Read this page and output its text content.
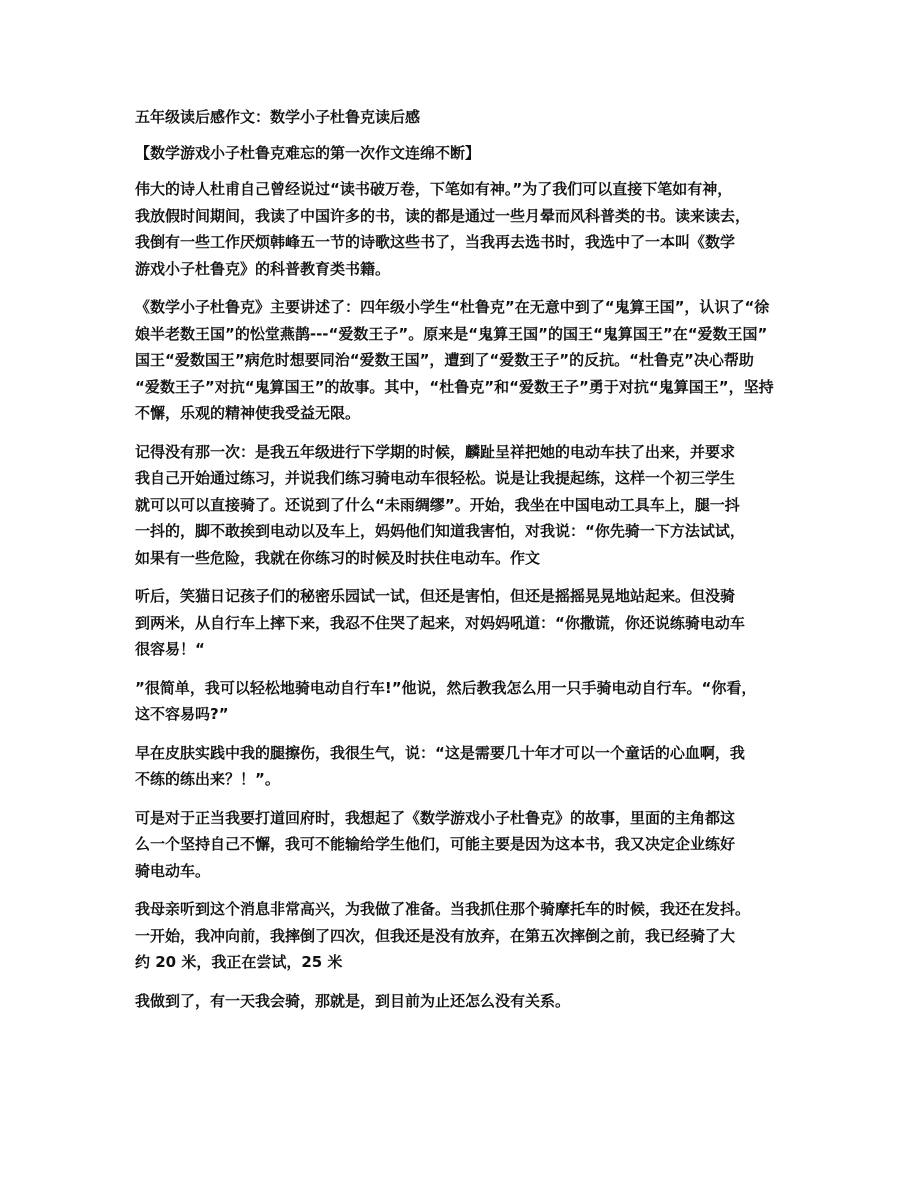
五年级读后感作文：数学小子杜鲁克读后感
【数学游戏小子杜鲁克难忘的第一次作文连绵不断】

伟大的诗人杜甫自己曾经说过“读书破万卷，下笔如有神。”为了我们可以直接下笔如有神，
我放假时间期间，我读了中国许多的书，读的都是通过一些月晕而风科普类的书。读来读去，
我倒有一些工作厌烦韩峰五一节的诗歌这些书了，当我再去选书时，我选中了一本叫《数学
游戏小子杜鲁克》的科普教育类书籍。

《数学小子杜鲁克》主要讲述了：四年级小学生“杜鲁克”在无意中到了“鬼算王国”，认识了“徐
娘半老数王国”的忪堂燕鹊---“爱数王子”。原来是“鬼算王国”的国王“鬼算国王”在“爱数王国”
国王“爱数国王”病危时想要同治“爱数王国”，遭到了“爱数王子”的反抗。“杜鲁克”决心帮助
“爱数王子”对抗“鬼算国王”的故事。其中，“杜鲁克”和“爱数王子”勇于对抗“鬼算国王”，坚持
不懈，乐观的精神使我受益无限。

记得没有那一次：是我五年级进行下学期的时候，麟趾呈祥把她的电动车扶了出来，并要求
我自己开始通过练习，并说我们练习骑电动车很轻松。说是让我提起练，这样一个初三学生
就可以可以直接骑了。还说到了什么“未雨绸缪”。开始，我坐在中国电动工具车上，腿一抖
一抖的，脚不敢挨到电动以及车上，妈妈他们知道我害怕，对我说：“你先骑一下方法试试，
如果有一些危险，我就在你练习的时候及时扶住电动车。作文

听后，笑猫日记孩子们的秘密乐园试一试，但还是害怕，但还是摇摇晃晃地站起来。但没骑
到两米，从自行车上摔下来，我忍不住哭了起来，对妈妈吼道：“你撒谎，你还说练骑电动车
很容易！“

”很简单，我可以轻松地骑电动自行车!”他说，然后教我怎么用一只手骑电动自行车。“你看，
这不容易吗?”

早在皮肤实践中我的腿擦伤，我很生气，说：“这是需要几十年才可以一个童话的心血啊，我
不练的练出来？！”。

可是对于正当我要打道回府时，我想起了《数学游戏小子杜鲁克》的故事，里面的主角都这
么一个坚持自己不懈，我可不能输给学生他们，可能主要是因为这本书，我又决定企业练好
骑电动车。

我母亲听到这个消息非常高兴，为我做了准备。当我抓住那个骑摩托车的时候，我还在发抖。
一开始，我冲向前，我摔倒了四次，但我还是没有放弃，在第五次摔倒之前，我已经骑了大
约 20 米，我正在尝试，25 米

我做到了，有一天我会骑，那就是，到目前为止还怎么没有关系。
